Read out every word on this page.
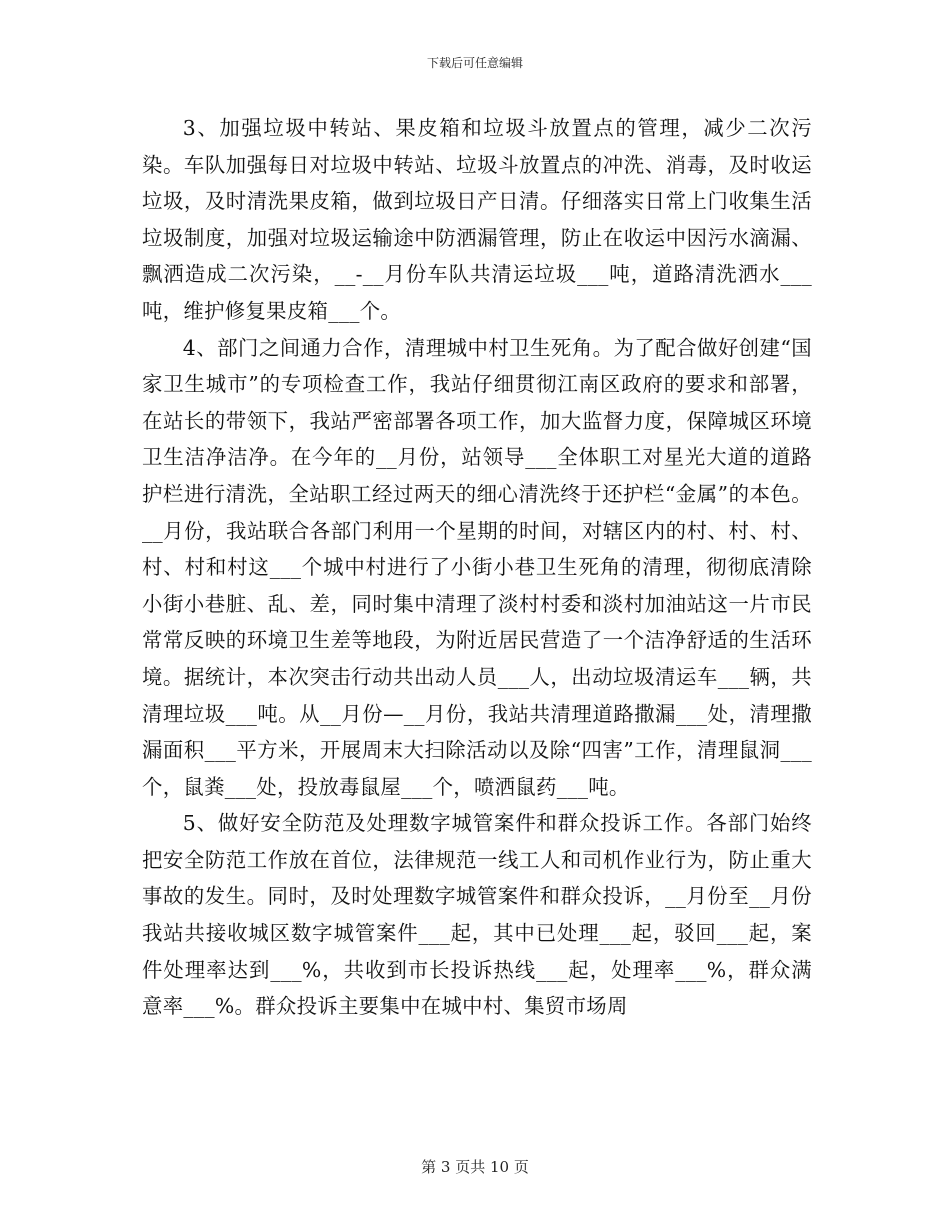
下载后可任意编辑

3、加强垃圾中转站、果皮箱和垃圾斗放置点的管理，减少二次污染。车队加强每日对垃圾中转站、垃圾斗放置点的冲洗、消毒，及时收运垃圾，及时清洗果皮箱，做到垃圾日产日清。仔细落实日常上门收集生活垃圾制度，加强对垃圾运输途中防洒漏管理，防止在收运中因污水滴漏、飘洒造成二次污染，__-__月份车队共清运垃圾___吨，道路清洗洒水___吨，维护修复果皮箱___个。

4、部门之间通力合作，清理城中村卫生死角。为了配合做好创建“国家卫生城市”的专项检查工作，我站仔细贯彻江南区政府的要求和部署，在站长的带领下，我站严密部署各项工作，加大监督力度，保障城区环境卫生洁净洁净。在今年的__月份，站领导___全体职工对星光大道的道路护栏进行清洗，全站职工经过两天的细心清洗终于还护栏“金属”的本色。__月份，我站联合各部门利用一个星期的时间，对辖区内的村、村、村、村、村和村这___个城中村进行了小街小巷卫生死角的清理，彻彻底清除小街小巷脏、乱、差，同时集中清理了淡村村委和淡村加油站这一片市民常常反映的环境卫生差等地段，为附近居民营造了一个洁净舒适的生活环境。据统计，本次突击行动共出动人员___人，出动垃圾清运车___辆，共清理垃圾___吨。从__月份—__月份，我站共清理道路撒漏___处，清理撒漏面积___平方米，开展周末大扫除活动以及除“四害”工作，清理鼠洞___个，鼠粪___处，投放毒鼠屋___个，喷洒鼠药___吨。

5、做好安全防范及处理数字城管案件和群众投诉工作。各部门始终把安全防范工作放在首位，法律规范一线工人和司机作业行为，防止重大事故的发生。同时，及时处理数字城管案件和群众投诉，__月份至__月份我站共接收城区数字城管案件___起，其中已处理___起，驳回___起，案件处理率达到___%，共收到市长投诉热线___起，处理率___%，群众满意率___%。群众投诉主要集中在城中村、集贸市场周

第 3 页共 10 页
